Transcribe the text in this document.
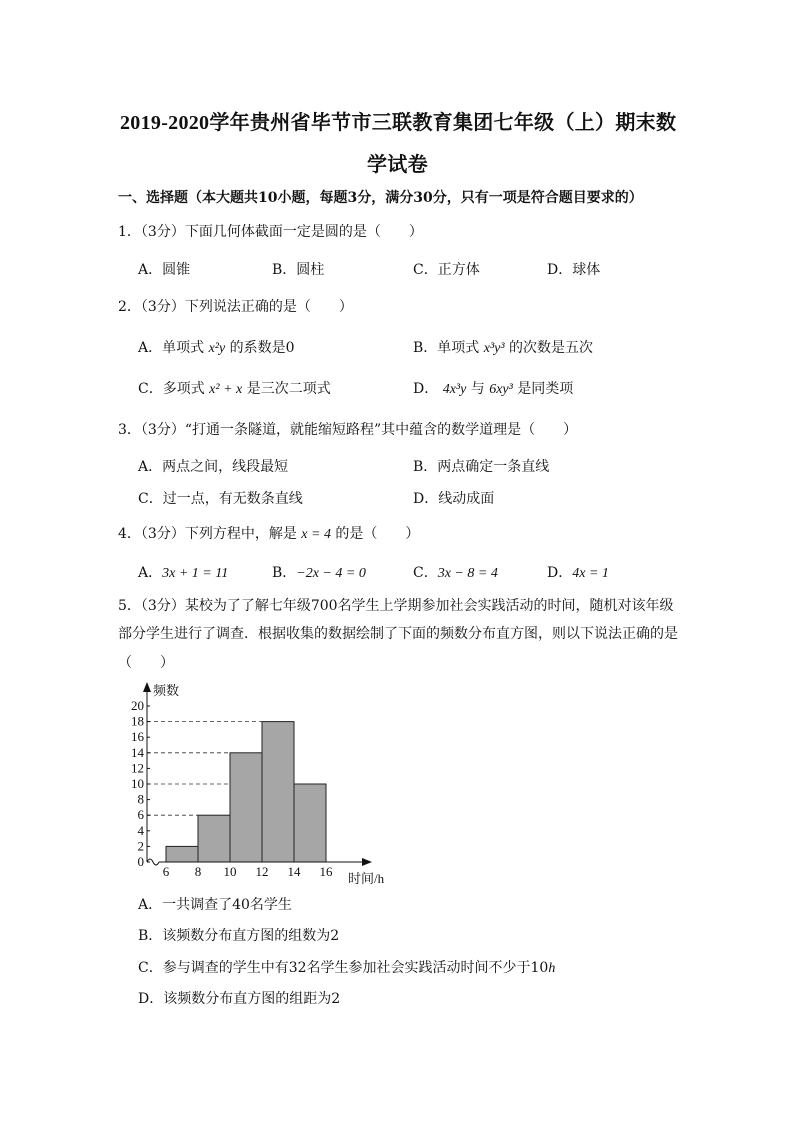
2019-2020学年贵州省毕节市三联教育集团七年级（上）期末数
学试卷
一、选择题（本大题共10小题，每题3分，满分30分，只有一项是符合题目要求的）
1．（3分）下面几何体截面一定是圆的是（　　）
A．圆锥	B．圆柱	C．正方体	D．球体
2．（3分）下列说法正确的是（　　）
A．单项式 x²y 的系数是0	B．单项式 x³y³ 的次数是五次
C．多项式 x² + x 是三次二项式	D． 4x³y 与 6xy³ 是同类项
3．（3分）“打通一条隧道，就能缩短路程”其中蕴含的数学道理是（　　）
A．两点之间，线段最短	B．两点确定一条直线
C．过一点，有无数条直线	D．线动成面
4．（3分）下列方程中，解是 x = 4 的是（　　）
A．3x + 1 = 11	B．−2x − 4 = 0	C．3x − 8 = 4	D．4x = 1
5．（3分）某校为了了解七年级700名学生上学期参加社会实践活动的时间，随机对该年级
部分学生进行了调查．根据收集的数据绘制了下面的频数分布直方图，则以下说法正确的是
（　　）
0
2
4
6
8
10
12
14
16
18
20
6 8 10 12 14 16
频数
时间/h
A．一共调查了40名学生
B．该频数分布直方图的组数为2
C．参与调查的学生中有32名学生参加社会实践活动时间不少于10h
D．该频数分布直方图的组距为2
